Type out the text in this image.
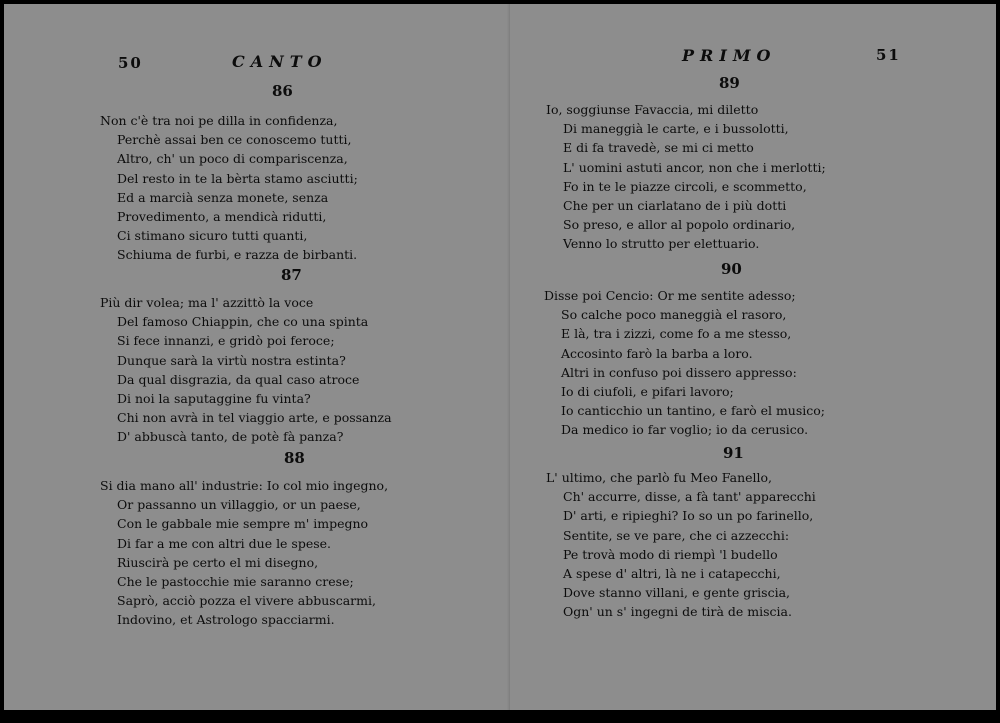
50	CANTO
86
Non c'è tra noi pe dilla in confidenza,
Perchè assai ben ce conoscemo tutti,
Altro, ch' un poco di compariscenza,
Del resto in te la bèrta stamo asciutti;
Ed a marcià senza monete, senza
Provedimento, a mendicà ridutti,
Ci stimano sicuro tutti quanti,
Schiuma de furbi, e razza de birbanti.
87
Più dir volea; ma l' azzittò la voce
Del famoso Chiappin, che co una spinta
Si fece innanzi, e gridò poi feroce;
Dunque sarà la virtù nostra estinta?
Da qual disgrazia, da qual caso atroce
Di noi la saputaggine fu vinta?
Chi non avrà in tel viaggio arte, e possanza
D' abbuscà tanto, de potè fà panza?
88
Si dia mano all' industrie: Io col mio ingegno,
Or passanno un villaggio, or un paese,
Con le gabbale mie sempre m' impegno
Di far a me con altri due le spese.
Riuscirà pe certo el mi disegno,
Che le pastocchie mie saranno crese;
Saprò, acciò pozza el vivere abbuscarmi,
Indovino, et Astrologo spacciarmi.
PRIMO	51
89
Io, soggiunse Favaccia, mi diletto
Di maneggià le carte, e i bussolotti,
E di fa travedè, se mi ci metto
L' uomini astuti ancor, non che i merlotti;
Fo in te le piazze circoli, e scommetto,
Che per un ciarlatano de i più dotti
So preso, e allor al popolo ordinario,
Venno lo strutto per elettuario.
90
Disse poi Cencio: Or me sentite adesso;
So calche poco maneggià el rasoro,
E là, tra i zizzi, come fo a me stesso,
Accosinto farò la barba a loro.
Altri in confuso poi dissero appresso:
Io di ciufoli, e pifari lavoro;
Io canticchio un tantino, e farò el musico;
Da medico io far voglio; io da cerusico.
91
L' ultimo, che parlò fu Meo Fanello,
Ch' accurre, disse, a fà tant' apparecchi
D' arti, e ripieghi? Io so un po farinello,
Sentite, se ve pare, che ci azzecchi:
Pe trovà modo di riempì 'l budello
A spese d' altri, là ne i catapecchi,
Dove stanno villani, e gente griscia,
Ogn' un s' ingegni de tirà de miscia.
